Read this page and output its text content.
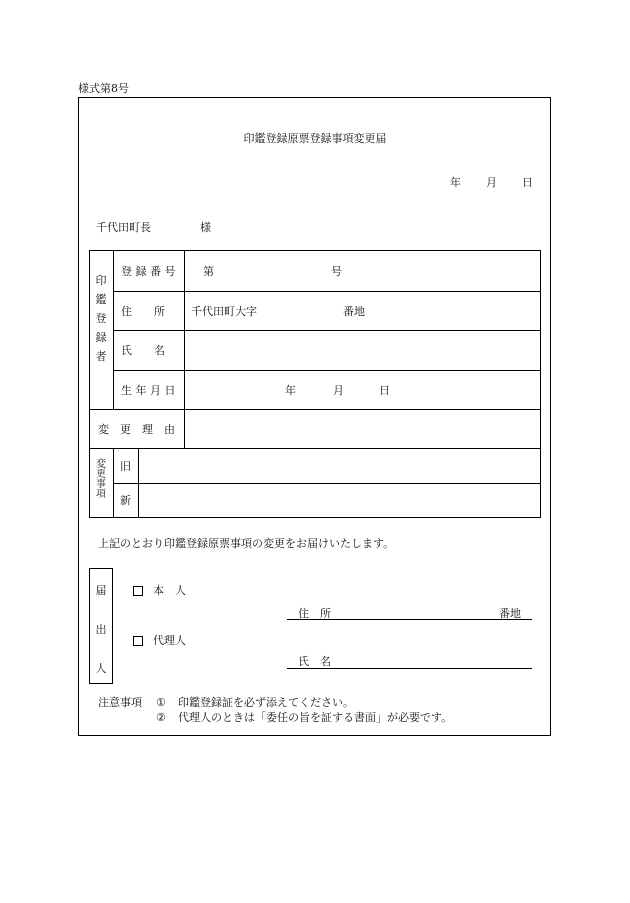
様式第8号
印鑑登録原票登録事項変更届
年 月 日
千代田町長	様
印
鑑
登
録
者
登 録 番 号	第	号
住　　所 千代田町大字	番地
氏　　名
生 年 月 日	年	月	日
変　更　理　由
変
更
事
項
旧
新
上記のとおり印鑑登録原票事項の変更をお届けいたします。
届
出
人
本　人
代理人
住　所	番地
氏　名
注意事項 ① 印鑑登録証を必ず添えてください。
② 代理人のときは「委任の旨を証する書面」が必要です。
